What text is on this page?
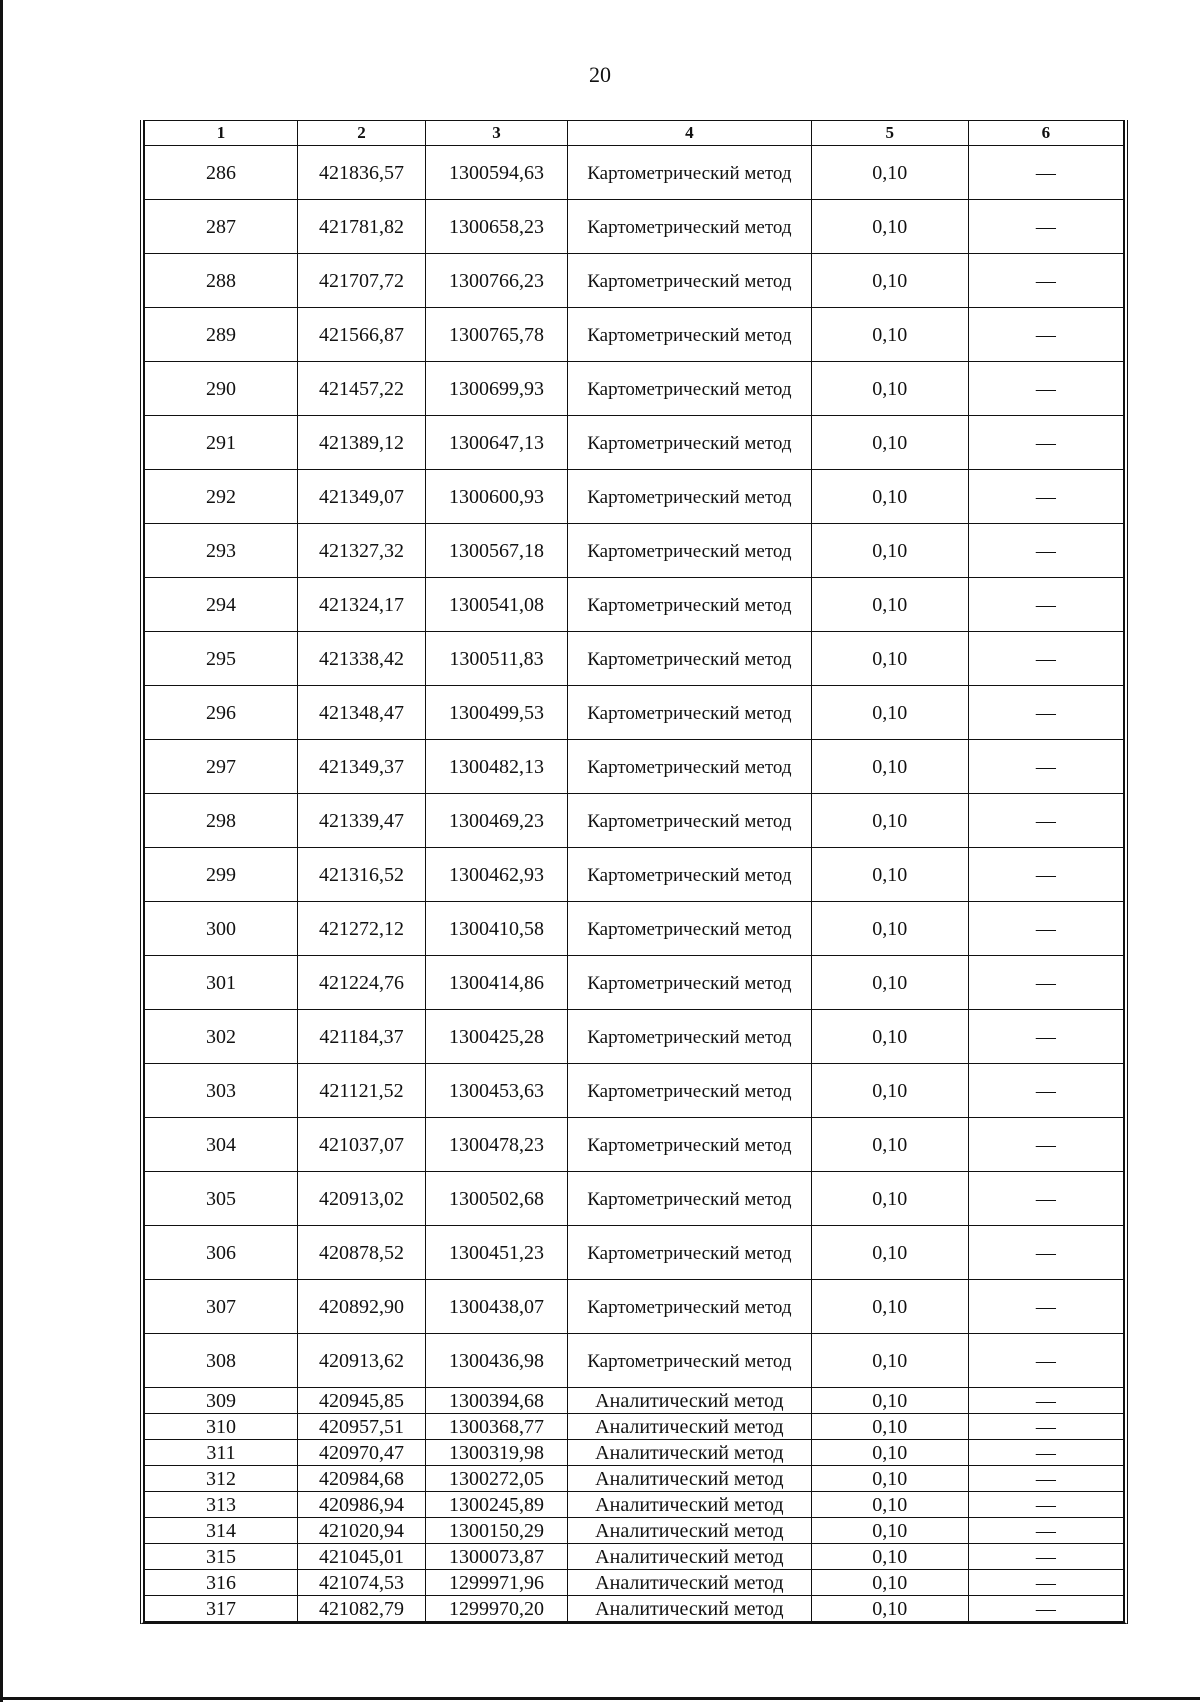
20
1	2	3	4	5	6
286	421836,57	1300594,63	Картометрический метод	0,10	—
287	421781,82	1300658,23	Картометрический метод	0,10	—
288	421707,72	1300766,23	Картометрический метод	0,10	—
289	421566,87	1300765,78	Картометрический метод	0,10	—
290	421457,22	1300699,93	Картометрический метод	0,10	—
291	421389,12	1300647,13	Картометрический метод	0,10	—
292	421349,07	1300600,93	Картометрический метод	0,10	—
293	421327,32	1300567,18	Картометрический метод	0,10	—
294	421324,17	1300541,08	Картометрический метод	0,10	—
295	421338,42	1300511,83	Картометрический метод	0,10	—
296	421348,47	1300499,53	Картометрический метод	0,10	—
297	421349,37	1300482,13	Картометрический метод	0,10	—
298	421339,47	1300469,23	Картометрический метод	0,10	—
299	421316,52	1300462,93	Картометрический метод	0,10	—
300	421272,12	1300410,58	Картометрический метод	0,10	—
301	421224,76	1300414,86	Картометрический метод	0,10	—
302	421184,37	1300425,28	Картометрический метод	0,10	—
303	421121,52	1300453,63	Картометрический метод	0,10	—
304	421037,07	1300478,23	Картометрический метод	0,10	—
305	420913,02	1300502,68	Картометрический метод	0,10	—
306	420878,52	1300451,23	Картометрический метод	0,10	—
307	420892,90	1300438,07	Картометрический метод	0,10	—
308	420913,62	1300436,98	Картометрический метод	0,10	—
309	420945,85	1300394,68	Аналитический метод	0,10	—
310	420957,51	1300368,77	Аналитический метод	0,10	—
311	420970,47	1300319,98	Аналитический метод	0,10	—
312	420984,68	1300272,05	Аналитический метод	0,10	—
313	420986,94	1300245,89	Аналитический метод	0,10	—
314	421020,94	1300150,29	Аналитический метод	0,10	—
315	421045,01	1300073,87	Аналитический метод	0,10	—
316	421074,53	1299971,96	Аналитический метод	0,10	—
317	421082,79	1299970,20	Аналитический метод	0,10	—
